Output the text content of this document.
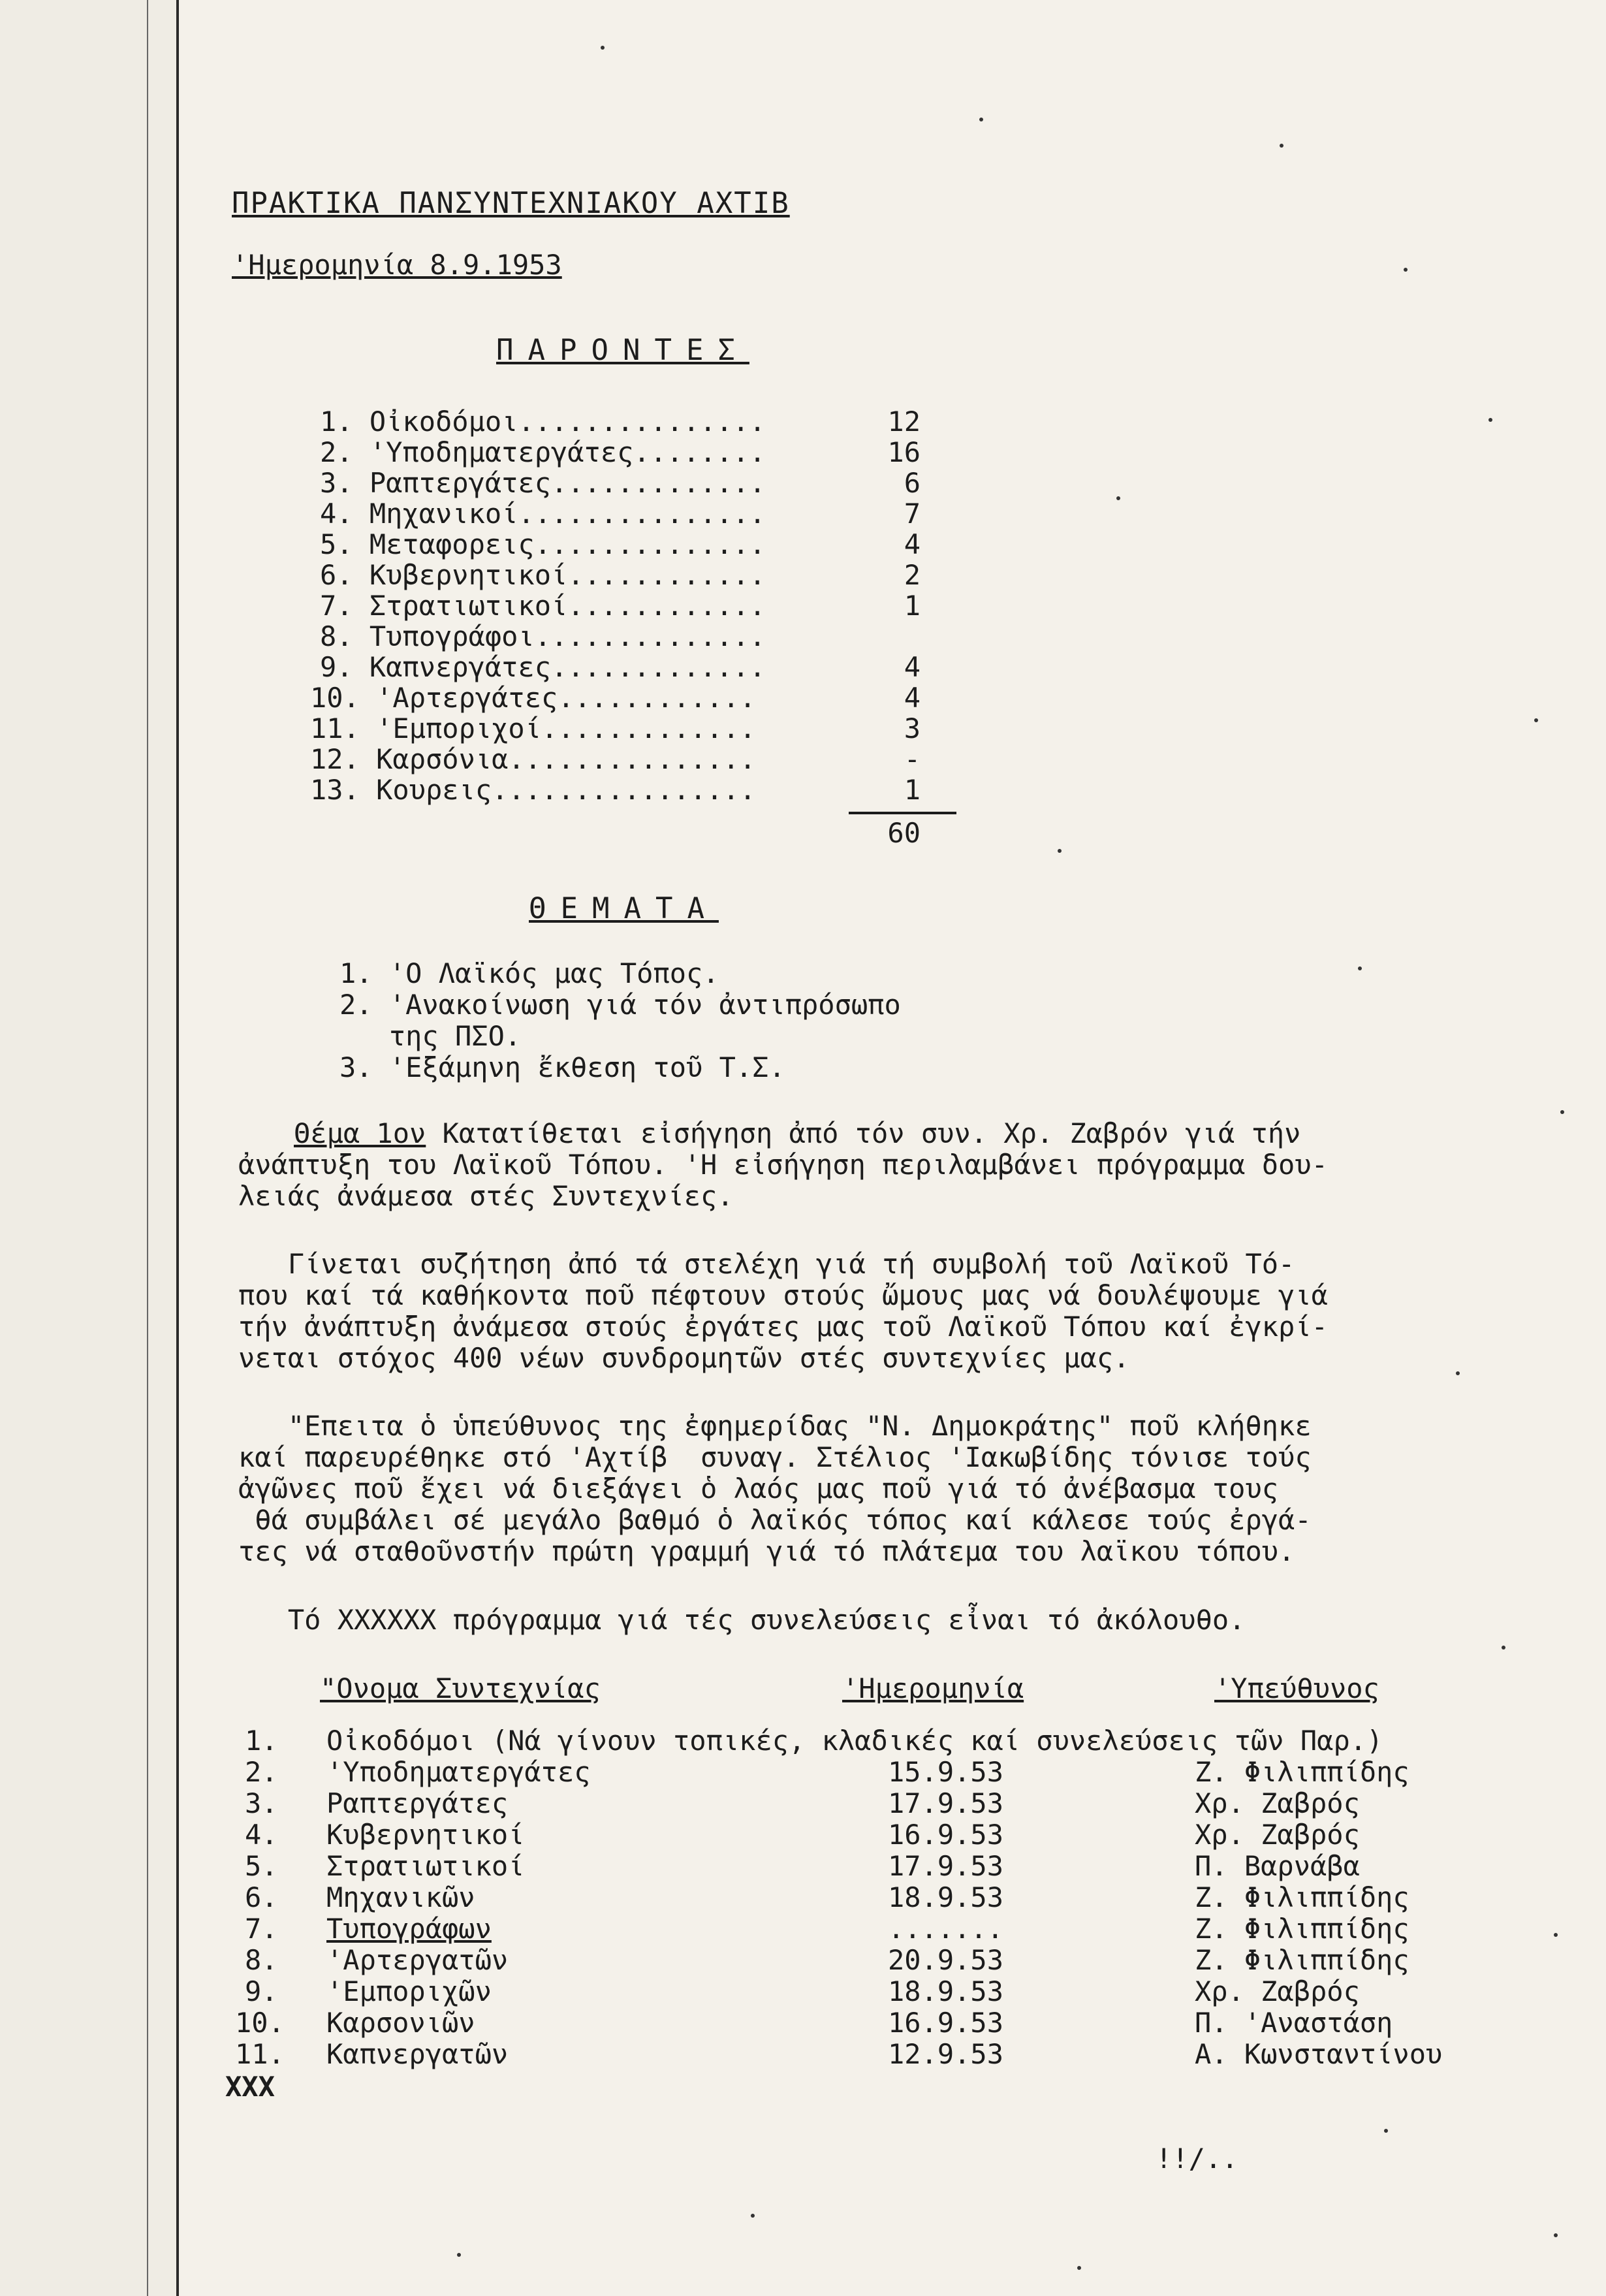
ΠΡΑΚΤΙΚΑ ΠΑΝΣΥΝΤΕΧΝΙΑΚΟΥ ΑΧΤΙΒ
'Ημερομηνία 8.9.1953
ΠΑΡΟΝΤΕΣ
1. Οἰκοδόμοι...............	12
2. 'Υποδηματεργάτες........	16
3. Ραπτεργάτες.............	6
4. Μηχανικοί...............	7
5. Μεταφορεις..............	4
6. Κυβερνητικοί............	2
7. Στρατιωτικοί............	1
8. Τυπογράφοι..............
9. Καπνεργάτες.............	4
10. 'Αρτεργάτες............	4
11. 'Εμποριχοί.............	3
12. Καρσόνια...............	-
13. Κουρεις................	1
60
ΘΕΜΑΤΑ
1. 'Ο Λαϊκός μας Τόπος.
2. 'Ανακοίνωση γιά τόν ἀντιπρόσωπο
της ΠΣΟ.
3. 'Εξάμηνη ἔκθεση τοῦ Τ.Σ.
Θέμα 1ον Κατατίθεται εἰσήγηση ἀπό τόν συν. Χρ. Ζαβρόν γιά τήν
ἀνάπτυξη του Λαϊκοῦ Τόπου. 'Η εἰσήγηση περιλαμβάνει πρόγραμμα δου-
λειάς ἀνάμεσα στές Συντεχνίες.
Γίνεται συζήτηση ἀπό τά στελέχη γιά τή συμβολή τοῦ Λαϊκοῦ Τό-
που καί τά καθήκοντα ποῦ πέφτουν στούς ὤμους μας νά δουλέψουμε γιά
τήν ἀνάπτυξη ἀνάμεσα στούς ἐργάτες μας τοῦ Λαϊκοῦ Τόπου καί ἐγκρί-
νεται στόχος 400 νέων συνδρομητῶν στές συντεχνίες μας.
"Επειτα ὁ ὑπεύθυνος της ἐφημερίδας "Ν. Δημοκράτης" ποῦ κλήθηκε
καί παρευρέθηκε στό 'Αχτίβ  συναγ. Στέλιος 'Ιακωβίδης τόνισε τούς
ἀγῶνες ποῦ ἔχει νά διεξάγει ὁ λαός μας ποῦ γιά τό ἀνέβασμα τους
θά συμβάλει σέ μεγάλο βαθμό ὁ λαϊκός τόπος καί κάλεσε τούς ἐργά-
τες νά σταθοῦνστήν πρώτη γραμμή γιά τό πλάτεμα του λαϊκου τόπου.
Τό ΧΧΧΧΧΧ πρόγραμμα γιά τές συνελεύσεις εἶναι τό ἀκόλουθο.
"Ονομα Συντεχνίας	'Ημερομηνία	'Υπεύθυνος
1. Οἰκοδόμοι (Νά γίνουν τοπικές, κλαδικές καί συνελεύσεις τῶν Παρ.)
2. 'Υποδηματεργάτες	15.9.53	Ζ. Φιλιππίδης
3. Ραπτεργάτες	17.9.53	Χρ. Ζαβρός
4. Κυβερνητικοί	16.9.53	Χρ. Ζαβρός
5. Στρατιωτικοί	17.9.53	Π. Βαρνάβα
6. Μηχανικῶν	18.9.53	Ζ. Φιλιππίδης
7. Τυπογράφων	.......	Ζ. Φιλιππίδης
8. 'Αρτεργατῶν	20.9.53	Ζ. Φιλιππίδης
9. 'Εμποριχῶν	18.9.53	Χρ. Ζαβρός
10. Καρσονιῶν	16.9.53	Π. 'Αναστάση
11. Καπνεργατῶν	12.9.53	Α. Κωνσταντίνου
ΧΧΧ
!!/..
